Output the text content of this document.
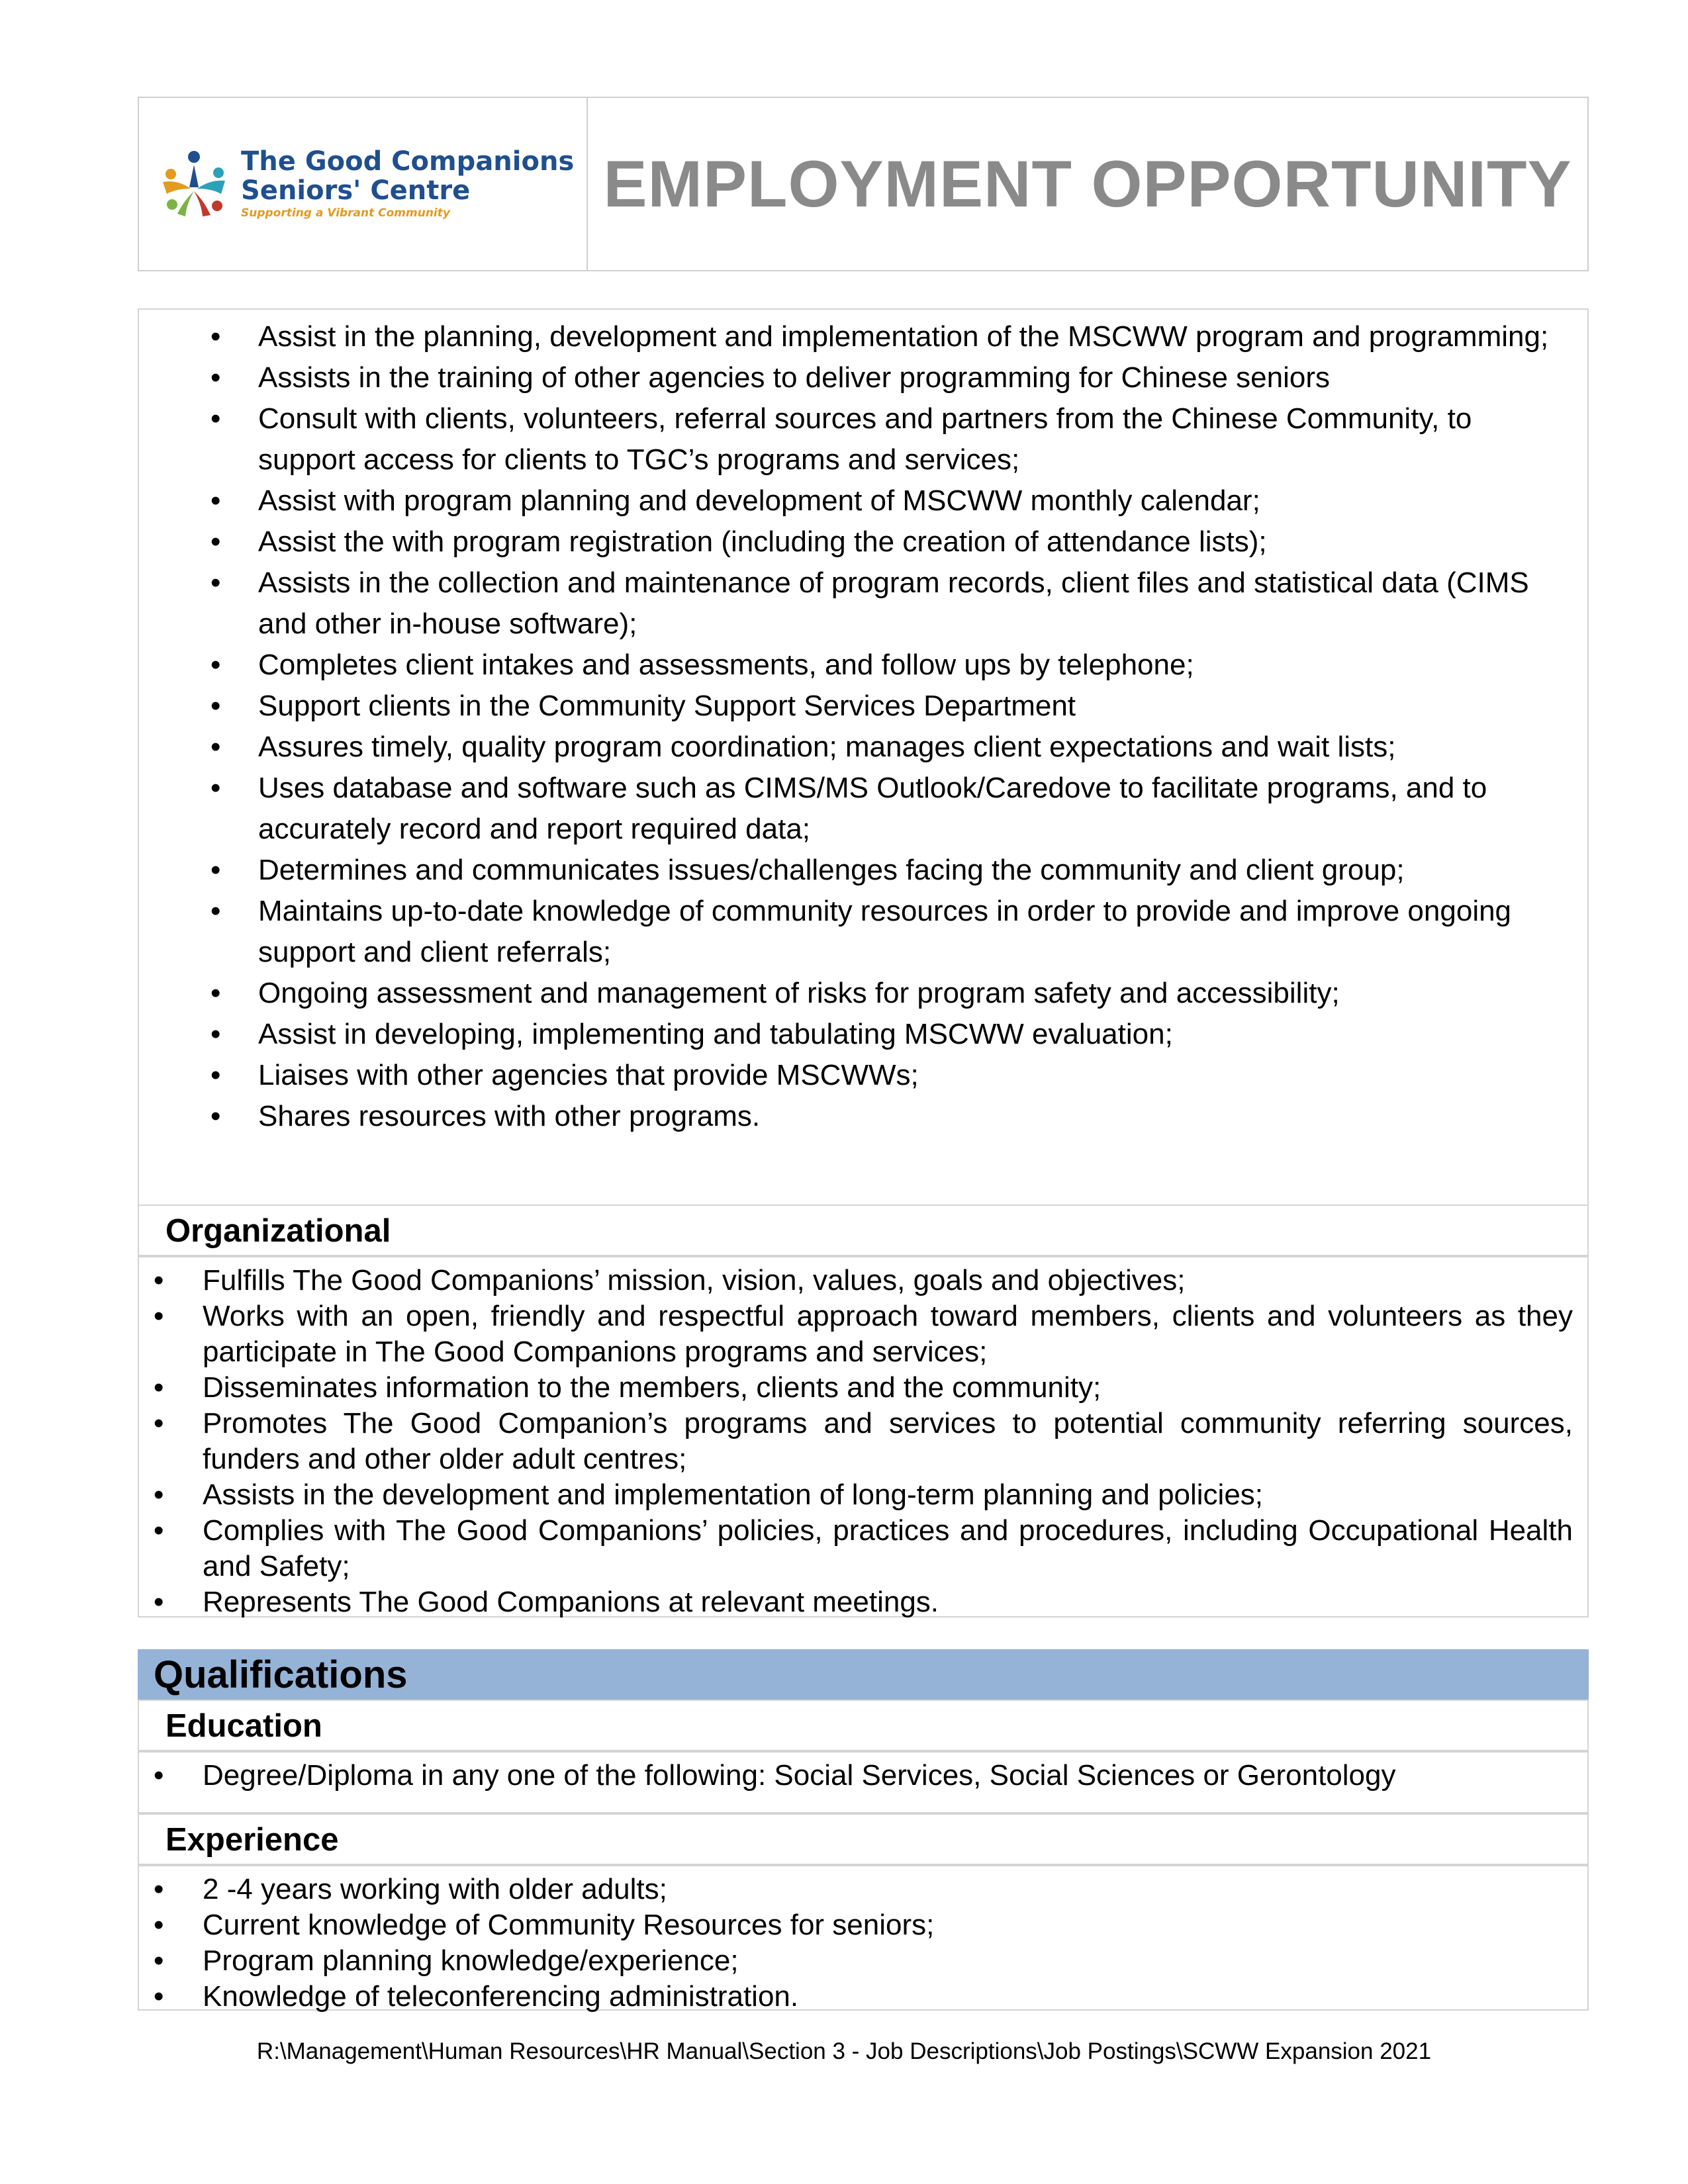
The Good Companions
Seniors' Centre
Supporting a Vibrant Community	EMPLOYMENT OPPORTUNITY
• Assist in the planning, development and implementation of the MSCWW program and programming;
• Assists in the training of other agencies to deliver programming for Chinese seniors
• Consult with clients, volunteers, referral sources and partners from the Chinese Community, to support access for clients to TGC’s programs and services;
• Assist with program planning and development of MSCWW monthly calendar;
• Assist the with program registration (including the creation of attendance lists);
• Assists in the collection and maintenance of program records, client files and statistical data (CIMS and other in-house software);
• Completes client intakes and assessments, and follow ups by telephone;
• Support clients in the Community Support Services Department
• Assures timely, quality program coordination; manages client expectations and wait lists;
• Uses database and software such as CIMS/MS Outlook/Caredove to facilitate programs, and to accurately record and report required data;
• Determines and communicates issues/challenges facing the community and client group;
• Maintains up-to-date knowledge of community resources in order to provide and improve ongoing support and client referrals;
• Ongoing assessment and management of risks for program safety and accessibility;
• Assist in developing, implementing and tabulating MSCWW evaluation;
• Liaises with other agencies that provide MSCWWs;
• Shares resources with other programs.
Organizational
• Fulfills The Good Companions’ mission, vision, values, goals and objectives;
• Works with an open, friendly and respectful approach toward members, clients and volunteers as they participate in The Good Companions programs and services;
• Disseminates information to the members, clients and the community;
• Promotes The Good Companion’s programs and services to potential community referring sources, funders and other older adult centres;
• Assists in the development and implementation of long-term planning and policies;
• Complies with The Good Companions’ policies, practices and procedures, including Occupational Health and Safety;
• Represents The Good Companions at relevant meetings.
Qualifications
Education
• Degree/Diploma in any one of the following: Social Services, Social Sciences or Gerontology
Experience
• 2 -4 years working with older adults;
• Current knowledge of Community Resources for seniors;
• Program planning knowledge/experience;
• Knowledge of teleconferencing administration.
R:\Management\Human Resources\HR Manual\Section 3 - Job Descriptions\Job Postings\SCWW Expansion 2021
